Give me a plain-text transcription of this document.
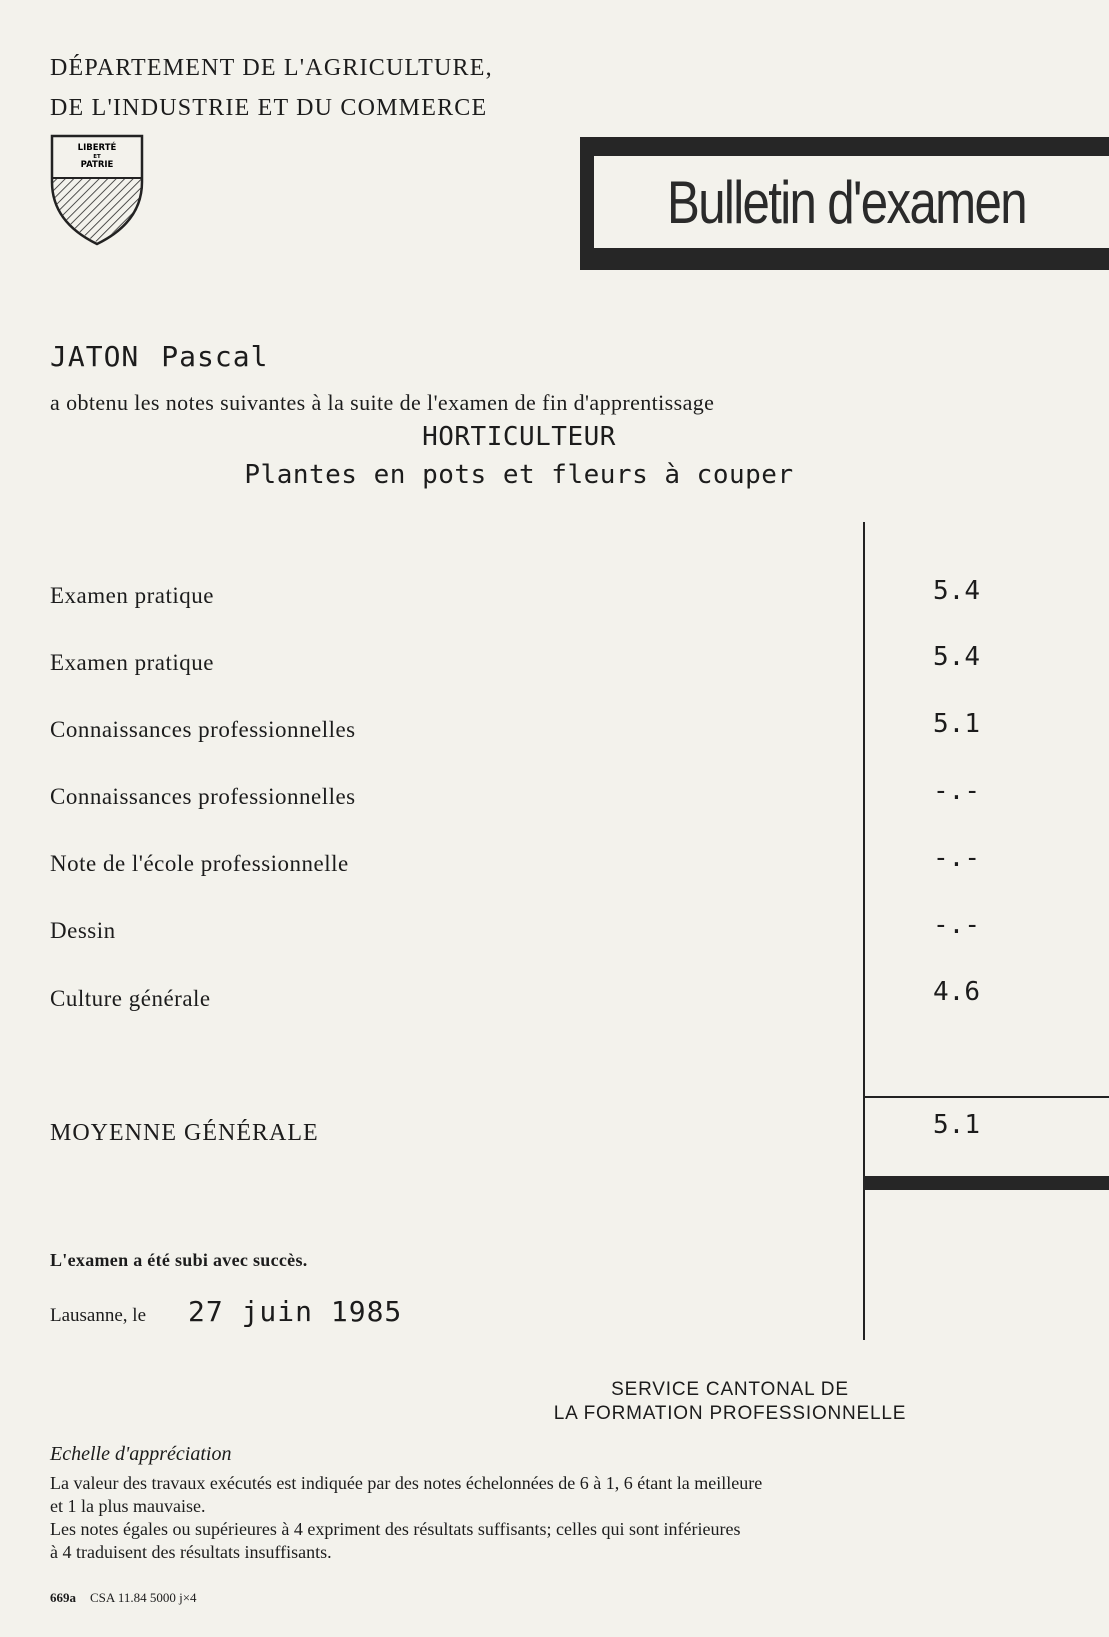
DÉPARTEMENT DE L'AGRICULTURE,
DE L'INDUSTRIE ET DU COMMERCE
LIBERTÉ
ET
PATRIE
Bulletin d'examen
JATON Pascal
a obtenu les notes suivantes à la suite de l'examen de fin d'apprentissage
HORTICULTEUR
Plantes en pots et fleurs à couper
Examen pratique	5.4
Examen pratique	5.4
Connaissances professionnelles	5.1
Connaissances professionnelles	-.-
Note de l'école professionnelle	-.-
Dessin	-.-
Culture générale	4.6
MOYENNE GÉNÉRALE	5.1
L'examen a été subi avec succès.
Lausanne, le 27 juin 1985
SERVICE CANTONAL DE
LA FORMATION PROFESSIONNELLE
Echelle d'appréciation
La valeur des travaux exécutés est indiquée par des notes échelonnées de 6 à 1, 6 étant la meilleure
et 1 la plus mauvaise.
Les notes égales ou supérieures à 4 expriment des résultats suffisants; celles qui sont inférieures
à 4 traduisent des résultats insuffisants.
669a CSA 11.84 5000 j×4
